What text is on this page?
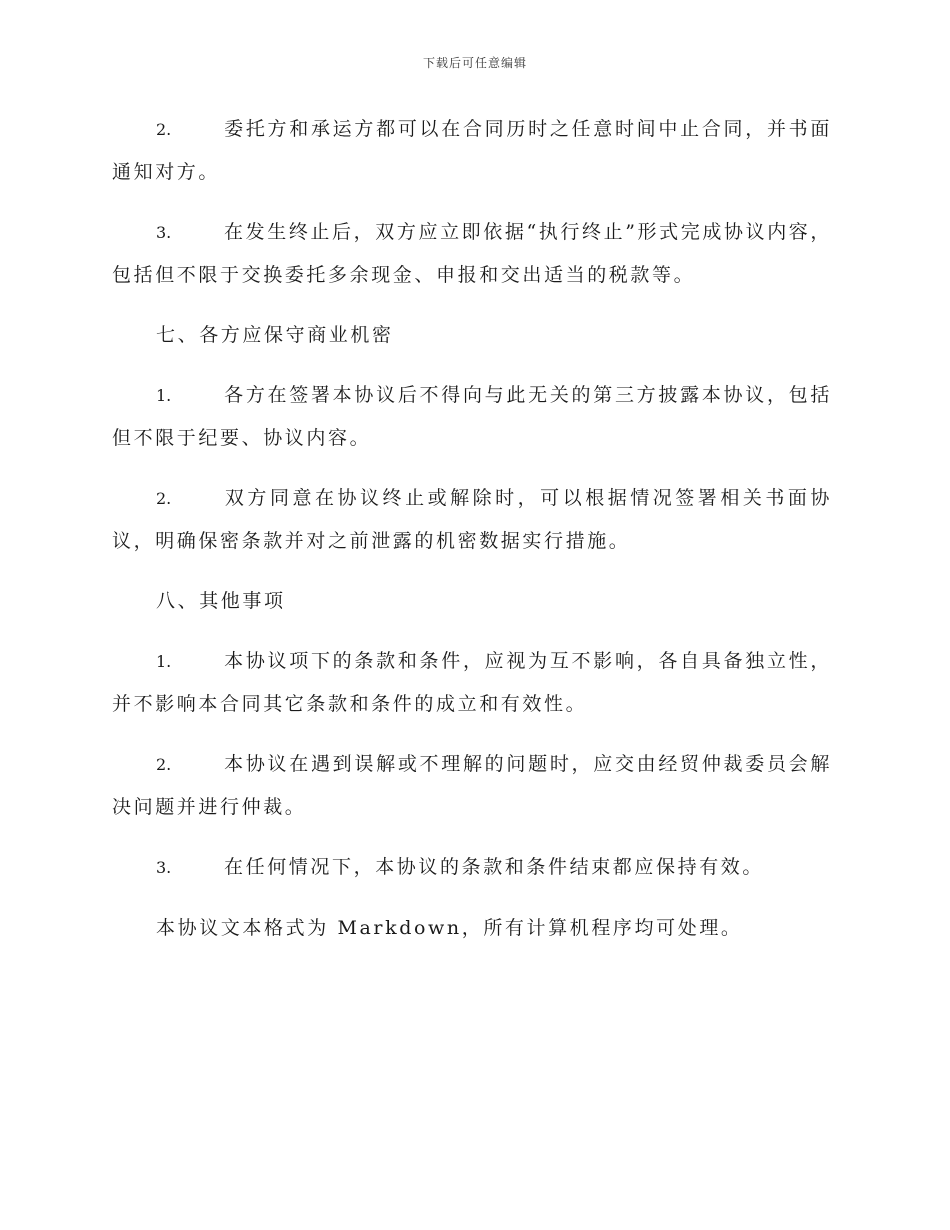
下载后可任意编辑

2.	委托方和承运方都可以在合同历时之任意时间中止合同，并书面通知对方。

3.	在发生终止后，双方应立即依据“执行终止”形式完成协议内容，包括但不限于交换委托多余现金、申报和交出适当的税款等。

七、各方应保守商业机密

1.	各方在签署本协议后不得向与此无关的第三方披露本协议，包括但不限于纪要、协议内容。

2.	双方同意在协议终止或解除时，可以根据情况签署相关书面协议，明确保密条款并对之前泄露的机密数据实行措施。

八、其他事项

1.	本协议项下的条款和条件，应视为互不影响，各自具备独立性，并不影响本合同其它条款和条件的成立和有效性。

2.	本协议在遇到误解或不理解的问题时，应交由经贸仲裁委员会解决问题并进行仲裁。

3.	在任何情况下，本协议的条款和条件结束都应保持有效。

本协议文本格式为 Markdown，所有计算机程序均可处理。
